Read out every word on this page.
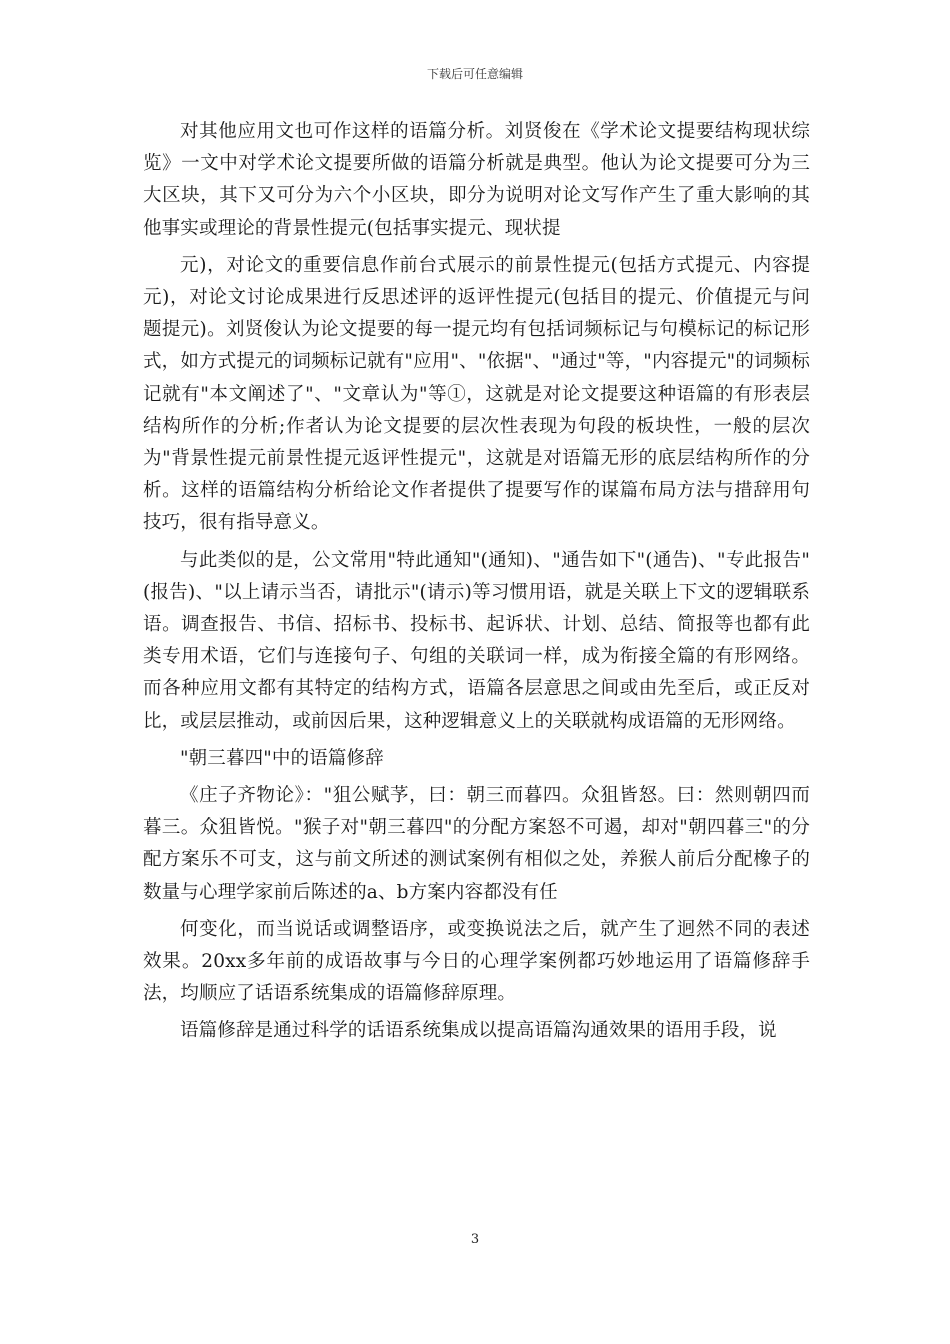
下载后可任意编辑

对其他应用文也可作这样的语篇分析。刘贤俊在《学术论文提要结构现状综览》一文中对学术论文提要所做的语篇分析就是典型。他认为论文提要可分为三大区块，其下又可分为六个小区块，即分为说明对论文写作产生了重大影响的其他事实或理论的背景性提元(包括事实提元、现状提

元)，对论文的重要信息作前台式展示的前景性提元(包括方式提元、内容提元)，对论文讨论成果进行反思述评的返评性提元(包括目的提元、价值提元与问题提元)。刘贤俊认为论文提要的每一提元均有包括词频标记与句模标记的标记形式，如方式提元的词频标记就有"应用"、"依据"、"通过"等，"内容提元"的词频标记就有"本文阐述了"、"文章认为"等①，这就是对论文提要这种语篇的有形表层结构所作的分析;作者认为论文提要的层次性表现为句段的板块性，一般的层次为"背景性提元前景性提元返评性提元"，这就是对语篇无形的底层结构所作的分析。这样的语篇结构分析给论文作者提供了提要写作的谋篇布局方法与措辞用句技巧，很有指导意义。

与此类似的是，公文常用"特此通知"(通知)、"通告如下"(通告)、"专此报告"(报告)、"以上请示当否，请批示"(请示)等习惯用语，就是关联上下文的逻辑联系语。调查报告、书信、招标书、投标书、起诉状、计划、总结、简报等也都有此类专用术语，它们与连接句子、句组的关联词一样，成为衔接全篇的有形网络。而各种应用文都有其特定的结构方式，语篇各层意思之间或由先至后，或正反对比，或层层推动，或前因后果，这种逻辑意义上的关联就构成语篇的无形网络。

"朝三暮四"中的语篇修辞

《庄子齐物论》："狙公赋芧，曰：朝三而暮四。众狙皆怒。曰：然则朝四而暮三。众狙皆悦。"猴子对"朝三暮四"的分配方案怒不可遏，却对"朝四暮三"的分配方案乐不可支，这与前文所述的测试案例有相似之处，养猴人前后分配橡子的数量与心理学家前后陈述的a、b方案内容都没有任

何变化，而当说话或调整语序，或变换说法之后，就产生了迥然不同的表述效果。20xx多年前的成语故事与今日的心理学案例都巧妙地运用了语篇修辞手法，均顺应了话语系统集成的语篇修辞原理。

语篇修辞是通过科学的话语系统集成以提高语篇沟通效果的语用手段，说

3
